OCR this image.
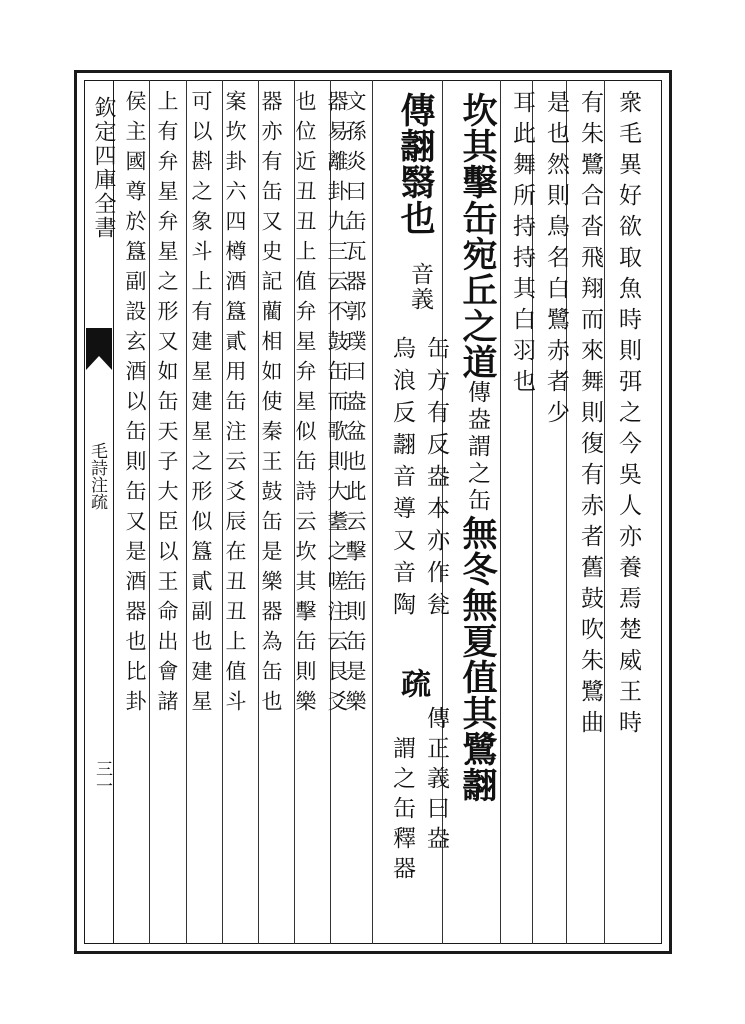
欽定四庫全書
毛詩注疏
三一
衆毛異好欲取魚時則弭之今吳人亦養焉楚威王時
有朱鷺合沓飛翔而來舞則復有赤者舊鼓吹朱鷺曲
是也然則鳥名白鷺赤者少
耳此舞所持持其白羽也
坎其擊缶宛丘之道傳盎謂之缶無冬無夏值其鷺翿
傳翿翳也
音義
缶方有反盎本亦作瓮
烏浪反翿音導又音陶
疏
傳正義曰盎
謂之缶釋器
文孫炎曰缶瓦器郭璞曰盎盆也此云擊缶則缶是樂
器易離卦九三云不鼓缶而歌則大耋之嗟注云艮爻
也位近丑丑上值弁星弁星似缶詩云坎其擊缶則樂
器亦有缶又史記藺相如使秦王鼓缶是樂器為缶也
案坎卦六四樽酒簋貳用缶注云爻辰在丑丑上值斗
可以斟之象斗上有建星建星之形似簋貳副也建星
上有弁星弁星之形又如缶天子大臣以王命出會諸
侯主國尊於簋副設玄酒以缶則缶又是酒器也比卦
